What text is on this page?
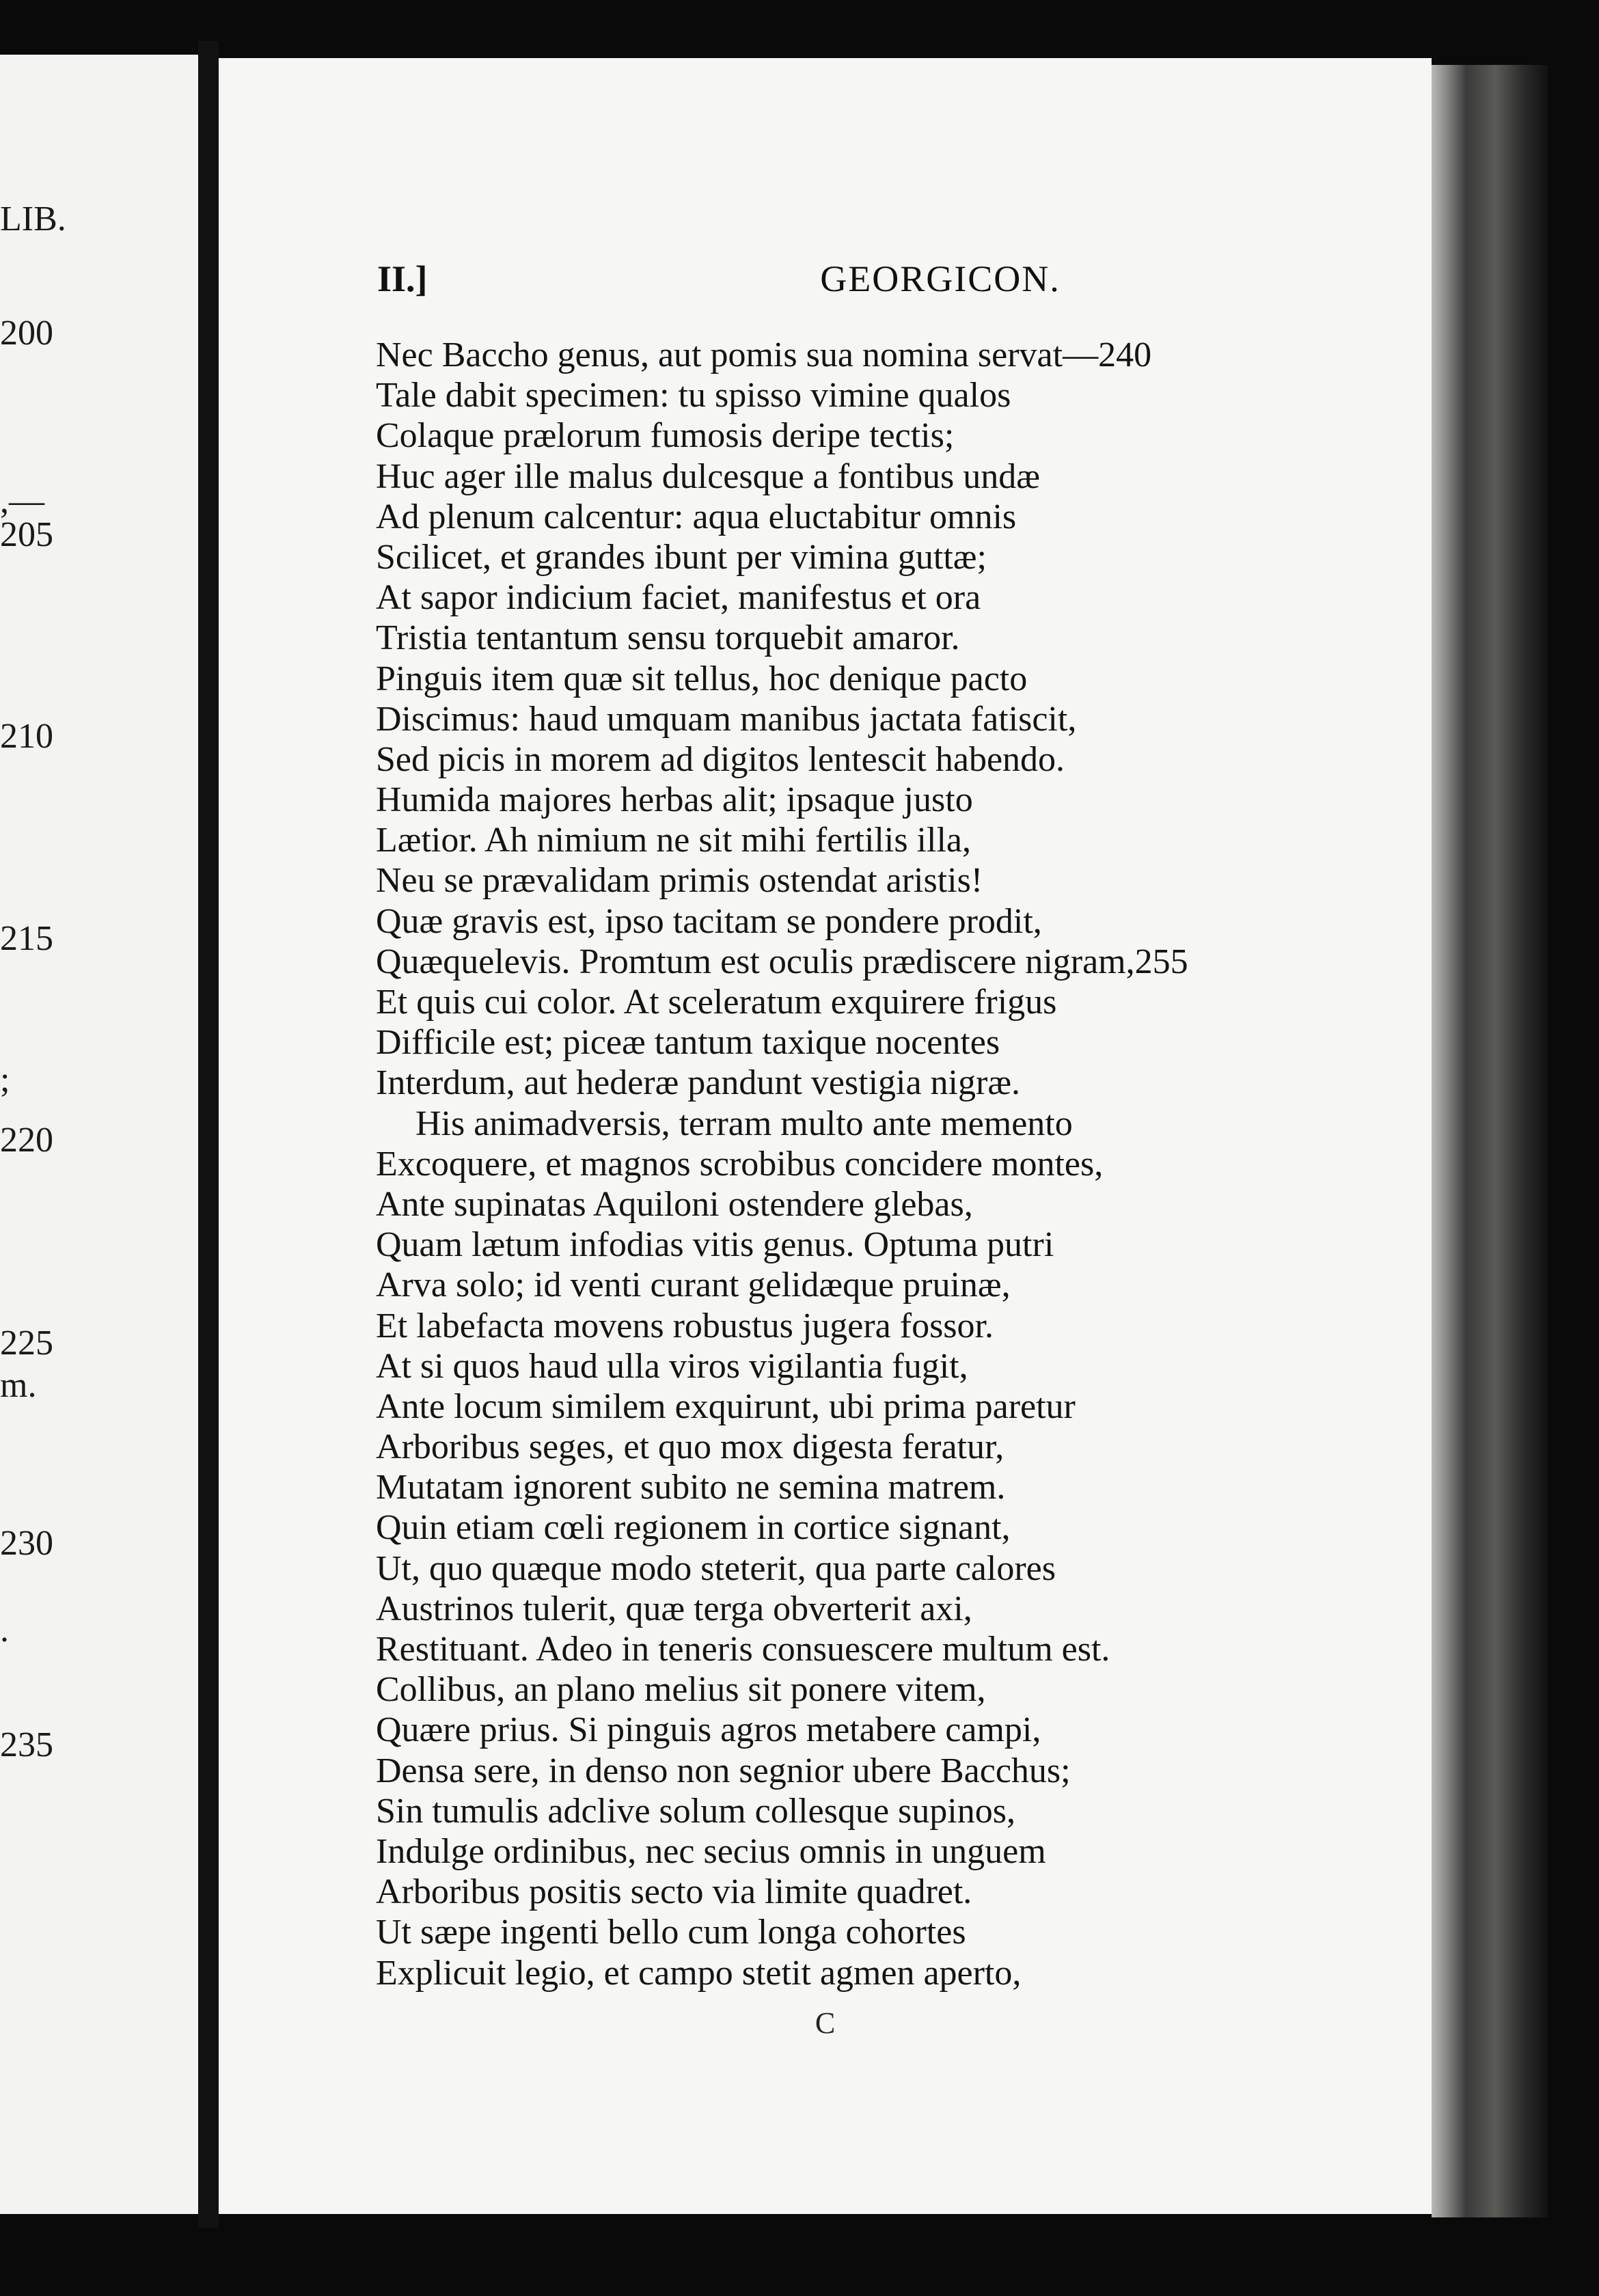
LIB.
200
,—
205
210
215
;
220
225
m.
230
.
235
II.]	GEORGICON.
Nec Baccho genus, aut pomis sua nomina servat—240
Tale dabit specimen: tu spisso vimine qualos
Colaque prælorum fumosis deripe tectis;
Huc ager ille malus dulcesque a fontibus undæ
Ad plenum calcentur: aqua eluctabitur omnis
Scilicet, et grandes ibunt per vimina guttæ;
At sapor indicium faciet, manifestus et ora
Tristia tentantum sensu torquebit amaror.
Pinguis item quæ sit tellus, hoc denique pacto
Discimus: haud umquam manibus jactata fatiscit,
Sed picis in morem ad digitos lentescit habendo.
Humida majores herbas alit; ipsaque justo
Lætior. Ah nimium ne sit mihi fertilis illa,
Neu se prævalidam primis ostendat aristis!
Quæ gravis est, ipso tacitam se pondere prodit,
Quæquelevis. Promtum est oculis prædiscere nigram,255
Et quis cui color. At sceleratum exquirere frigus
Difficile est; piceæ tantum taxique nocentes
Interdum, aut hederæ pandunt vestigia nigræ.
His animadversis, terram multo ante memento
Excoquere, et magnos scrobibus concidere montes,
Ante supinatas Aquiloni ostendere glebas,
Quam lætum infodias vitis genus. Optuma putri
Arva solo; id venti curant gelidæque pruinæ,
Et labefacta movens robustus jugera fossor.
At si quos haud ulla viros vigilantia fugit,
Ante locum similem exquirunt, ubi prima paretur
Arboribus seges, et quo mox digesta feratur,
Mutatam ignorent subito ne semina matrem.
Quin etiam cœli regionem in cortice signant,
Ut, quo quæque modo steterit, qua parte calores
Austrinos tulerit, quæ terga obverterit axi,
Restituant. Adeo in teneris consuescere multum est.
Collibus, an plano melius sit ponere vitem,
Quære prius. Si pinguis agros metabere campi,
Densa sere, in denso non segnior ubere Bacchus;
Sin tumulis adclive solum collesque supinos,
Indulge ordinibus, nec secius omnis in unguem
Arboribus positis secto via limite quadret.
Ut sæpe ingenti bello cum longa cohortes
Explicuit legio, et campo stetit agmen aperto,
C
